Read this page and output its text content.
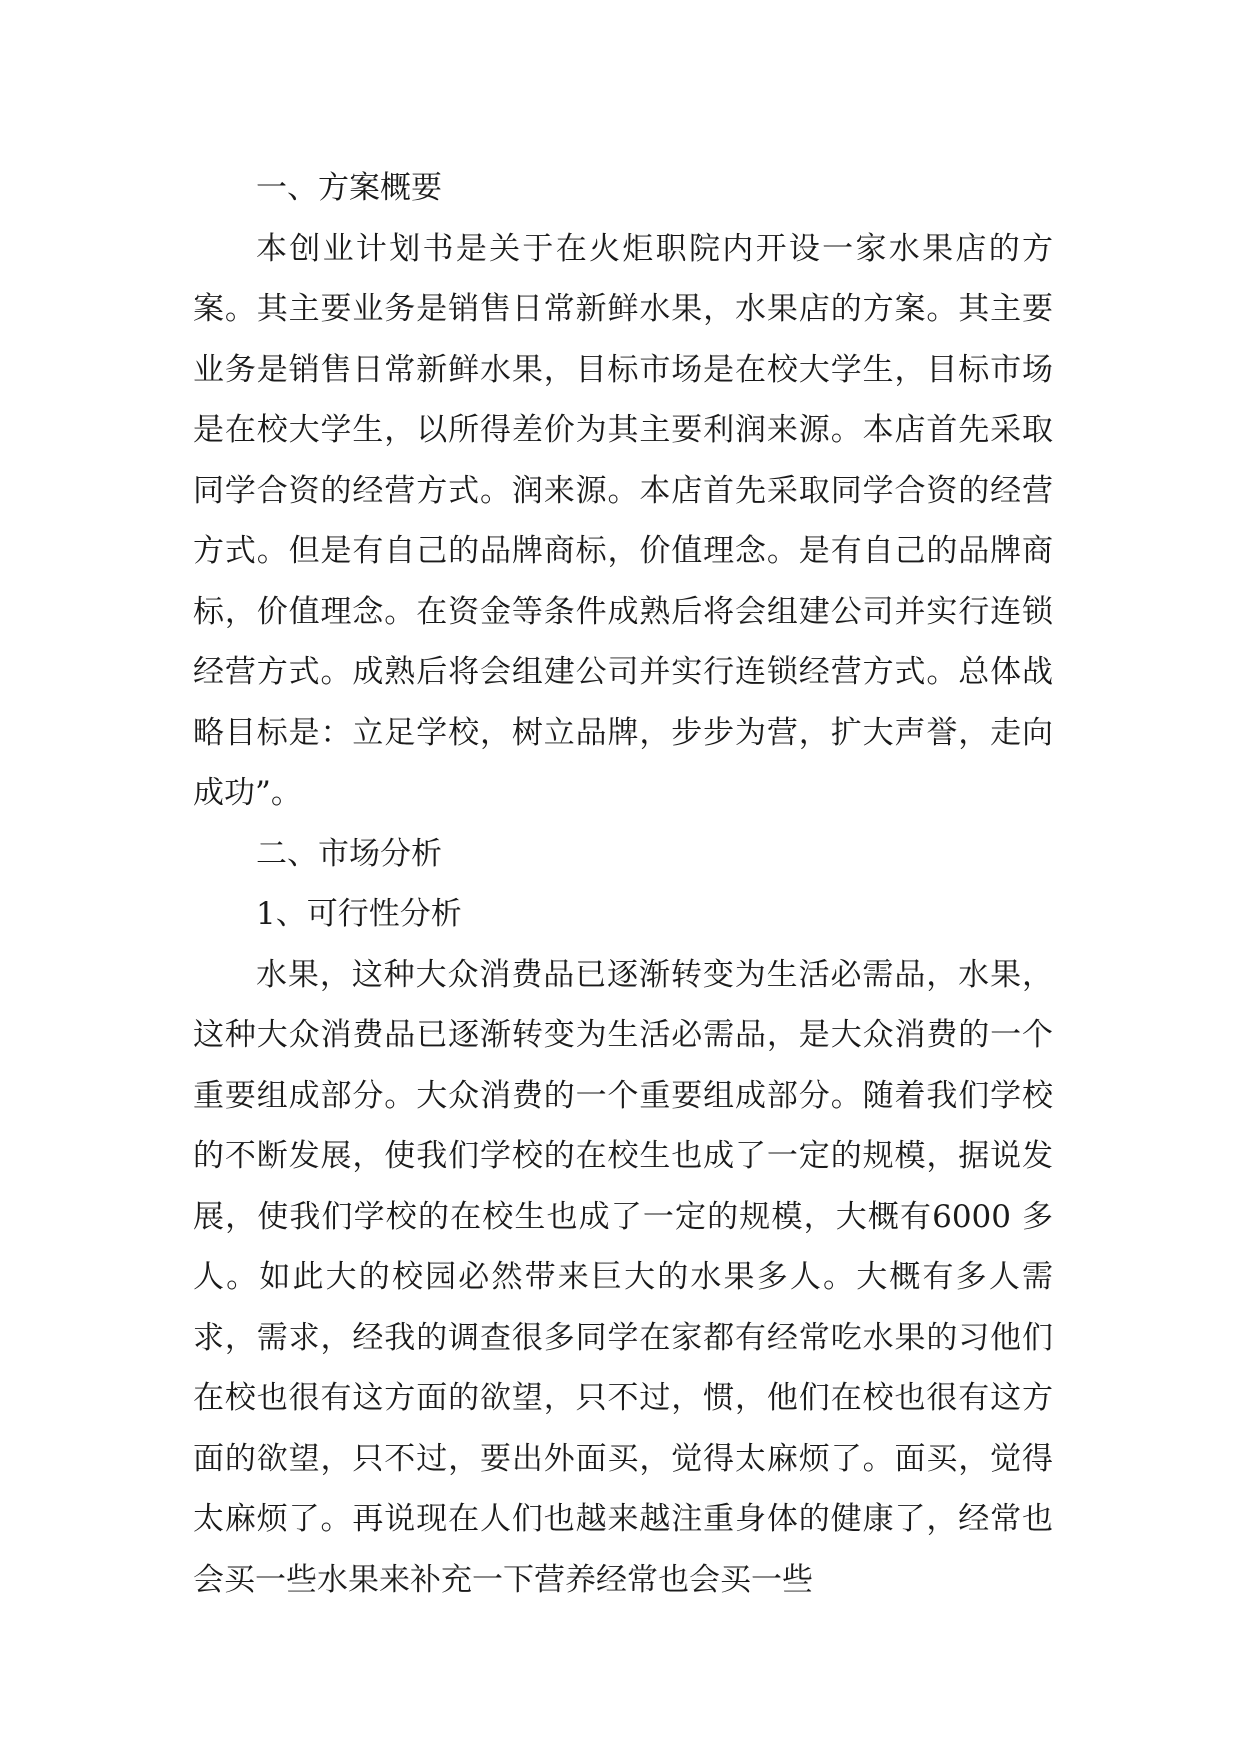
一、方案概要

本创业计划书是关于在火炬职院内开设一家水果店的方案。其主要业务是销售日常新鲜水果，水果店的方案。其主要业务是销售日常新鲜水果，目标市场是在校大学生，目标市场是在校大学生，以所得差价为其主要利润来源。本店首先采取同学合资的经营方式。润来源。本店首先采取同学合资的经营方式。但是有自己的品牌商标，价值理念。是有自己的品牌商标，价值理念。在资金等条件成熟后将会组建公司并实行连锁经营方式。成熟后将会组建公司并实行连锁经营方式。总体战略目标是：立足学校，树立品牌，步步为营，扩大声誉，走向成功”。

二、市场分析

1、可行性分析

水果，这种大众消费品已逐渐转变为生活必需品，水果，这种大众消费品已逐渐转变为生活必需品，是大众消费的一个重要组成部分。大众消费的一个重要组成部分。随着我们学校的不断发展，使我们学校的在校生也成了一定的规模，据说发展，使我们学校的在校生也成了一定的规模，大概有6000 多人。如此大的校园必然带来巨大的水果多人。大概有多人需求，需求，经我的调查很多同学在家都有经常吃水果的习他们在校也很有这方面的欲望，只不过，惯，他们在校也很有这方面的欲望，只不过，要出外面买，觉得太麻烦了。面买，觉得太麻烦了。再说现在人们也越来越注重身体的健康了，经常也会买一些水果来补充一下营养经常也会买一些
